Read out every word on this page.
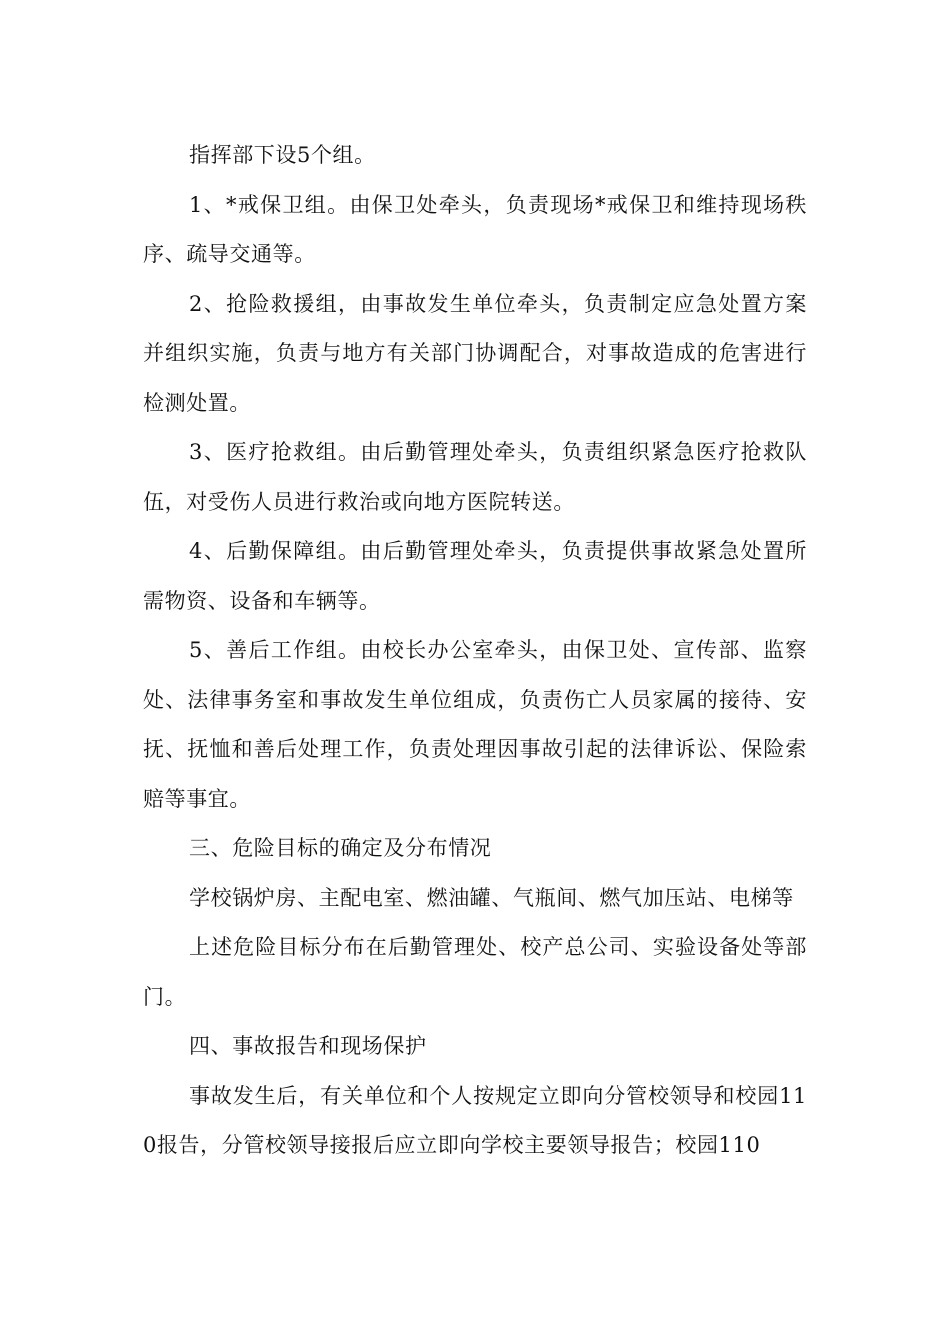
指挥部下设5个组。

1、*戒保卫组。由保卫处牵头，负责现场*戒保卫和维持现场秩序、疏导交通等。

2、抢险救援组，由事故发生单位牵头，负责制定应急处置方案并组织实施，负责与地方有关部门协调配合，对事故造成的危害进行检测处置。

3、医疗抢救组。由后勤管理处牵头，负责组织紧急医疗抢救队伍，对受伤人员进行救治或向地方医院转送。

4、后勤保障组。由后勤管理处牵头，负责提供事故紧急处置所需物资、设备和车辆等。

5、善后工作组。由校长办公室牵头，由保卫处、宣传部、监察处、法律事务室和事故发生单位组成，负责伤亡人员家属的接待、安抚、抚恤和善后处理工作，负责处理因事故引起的法律诉讼、保险索赔等事宜。

三、危险目标的确定及分布情况

学校锅炉房、主配电室、燃油罐、气瓶间、燃气加压站、电梯等

上述危险目标分布在后勤管理处、校产总公司、实验设备处等部门。

四、事故报告和现场保护

事故发生后，有关单位和个人按规定立即向分管校领导和校园110报告，分管校领导接报后应立即向学校主要领导报告；校园110
